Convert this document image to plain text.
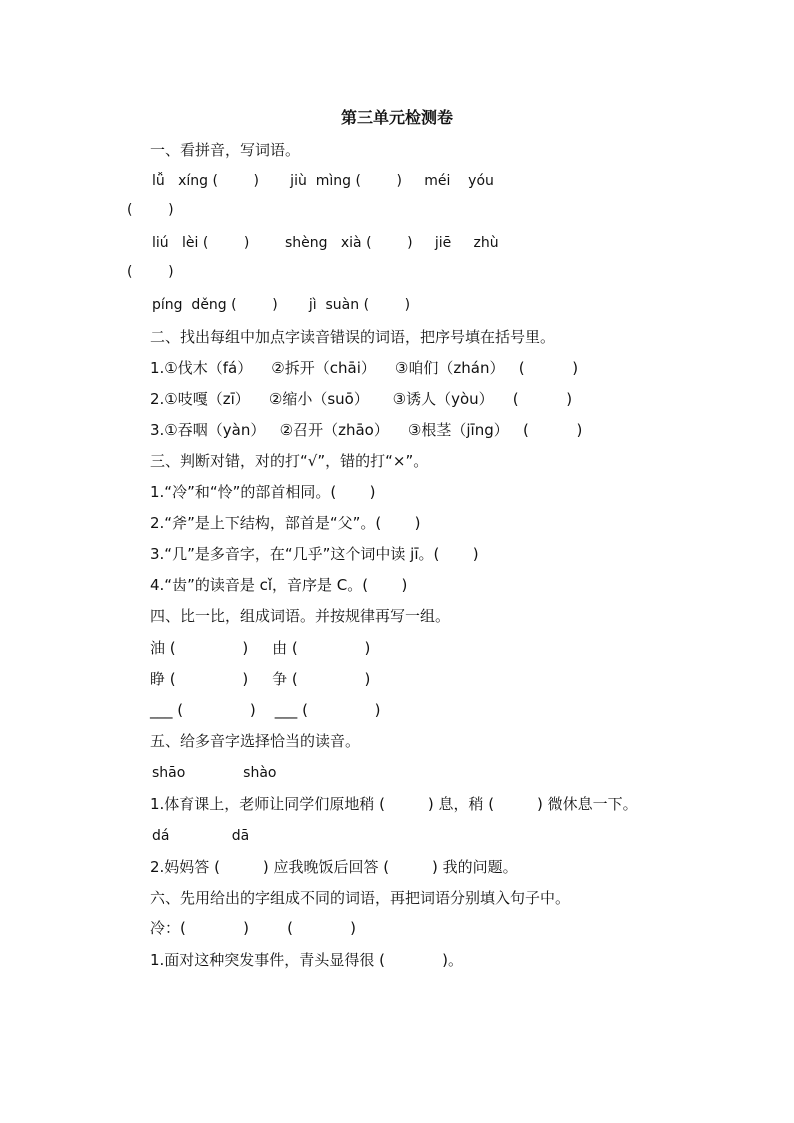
第三单元检测卷
一、看拼音，写词语。
lǚ   xíng (        )       jiù  mìng (        )     méi    yóu
(        )
liú   lèi (        )        shèng   xià (        )     jiē     zhù
(        )
píng  děng (        )       jì  suàn (        )
二、找出每组中加点字读音错误的词语，把序号填在括号里。
1.①伐木（fá）    ②拆开（chāi）    ③咱们（zhán）   (          )
2.①吱嘎（zī）    ②缩小（suō）     ③诱人（yòu）    (          )
3.①吞咽（yàn）   ②召开（zhāo）    ③根茎（jīng）   (          )
三、判断对错，对的打“√”，错的打“×”。
1.“冷”和“怜”的部首相同。(       )
2.“斧”是上下结构，部首是“父”。(       )
3.“几”是多音字，在“几乎”这个词中读 jī。(       )
4.“齿”的读音是 cǐ，音序是 C。(       )
四、比一比，组成词语。并按规律再写一组。
油 (              )     由 (              )
睁 (              )     争 (              )
___ (              )    ___ (              )
五、给多音字选择恰当的读音。
shāo             shào
1.体育课上，老师让同学们原地稍 (         ) 息，稍 (         ) 微休息一下。
dá              dā
2.妈妈答 (         ) 应我晚饭后回答 (         ) 我的问题。
六、先用给出的字组成不同的词语，再把词语分别填入句子中。
冷：(            )        (            )
1.面对这种突发事件，青头显得很 (            )。
